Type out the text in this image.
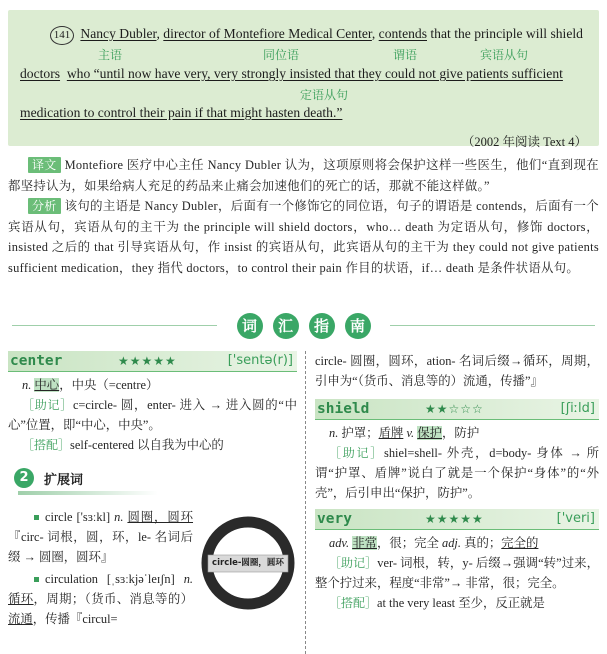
141 Nancy Dubler, director of Montefiore Medical Center, contends that the principle will shield
主语	同位语	谓语	宾语从句
doctors who “until now have very, very strongly insisted that they could not give patients sufficient
定语从句
medication to control their pain if that might hasten death.”
（2002 年阅读 Text 4）
译文 Montefiore 医疗中心主任 Nancy Dubler 认为，这项原则将会保护这样一些医生，他们“直到现在都坚持认为，如果给病人充足的药品来止痛会加速他们的死亡的话，那就不能这样做。”
分析 该句的主语是 Nancy Dubler，后面有一个修饰它的同位语，句子的谓语是 contends，后面有一个宾语从句，宾语从句的主干为 the principle will shield doctors，who… death 为定语从句，修饰 doctors，insisted 之后的 that 引导宾语从句，作 insist 的宾语从句，此宾语从句的主干为 they could not give patients sufficient medication，they 指代 doctors，to control their pain 作目的状语，if… death 是条件状语从句。
词 汇 指 南
center	★★★★★	['sentə(r)]

n. 中心，中央（=centre）

［助记］c=circle- 圆，enter- 进入 → 进入圆的“中心”位置，即“中心，中央”。

［搭配］self-centered 以自我为中心的

2	扩展词

circle ['sɜːkl] n. 圆圈，圆环『circ- 词根，圆，环，le- 名词后缀 → 圆圈，圆环』

circulation [ˌsɜːkjəˈleɪʃn] n. 循环，周期；（货币、消息等的）流通，传播『circul=

circle-圆圈，圆环

circle- 圆圈，圆环，ation- 名词后缀→循环，周期，引申为“（货币、消息等的）流通，传播”』

shield	★★☆☆☆	[ʃiːld]

n. 护罩；盾牌 v. 保护，防护

［助记］shiel=shell- 外壳，d=body- 身体 → 所谓“护罩、盾牌”说白了就是一个保护“身体”的“外壳”，后引申出“保护，防护”。

very	★★★★★	['veri]

adv. 非常，很；完全 adj. 真的；完全的

［助记］ver- 词根，转，y- 后缀→强调“转”过来，整个拧过来，程度“非常”→ 非常，很；完全。

［搭配］at the very least 至少，反正就是
